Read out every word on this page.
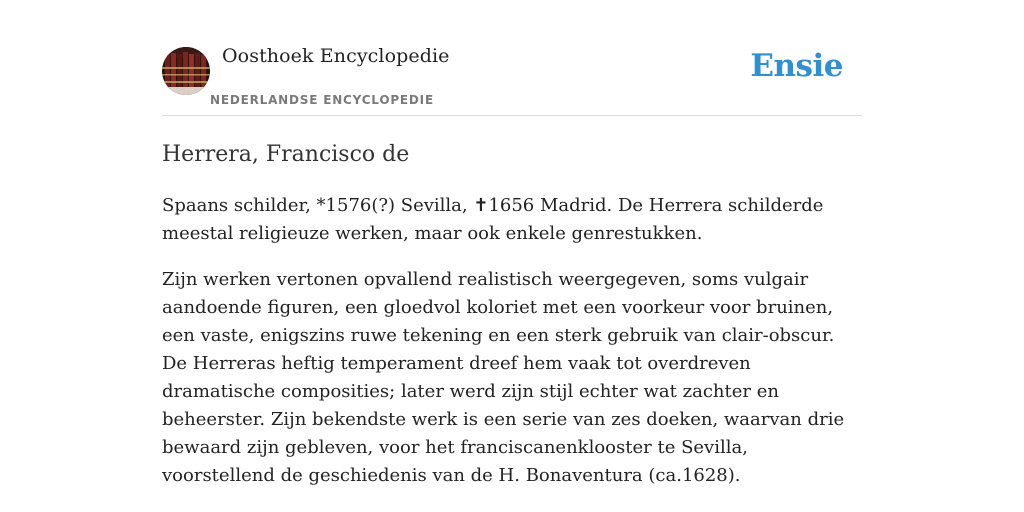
Oosthoek Encyclopedie
NEDERLANDSE ENCYCLOPEDIE
Ensie
Herrera, Francisco de

Spaans schilder, *1576(?) Sevilla, ✝1656 Madrid. De Herrera schilderde meestal religieuze werken, maar ook enkele genrestukken.

Zijn werken vertonen opvallend realistisch weergegeven, soms vulgair aandoende figuren, een gloedvol koloriet met een voorkeur voor bruinen, een vaste, enigszins ruwe tekening en een sterk gebruik van clair-obscur. De Herreras heftig temperament dreef hem vaak tot overdreven dramatische composities; later werd zijn stijl echter wat zachter en beheerster. Zijn bekendste werk is een serie van zes doeken, waarvan drie bewaard zijn gebleven, voor het franciscanenklooster te Sevilla, voorstellend de geschiedenis van de H. Bonaventura (ca.1628).
